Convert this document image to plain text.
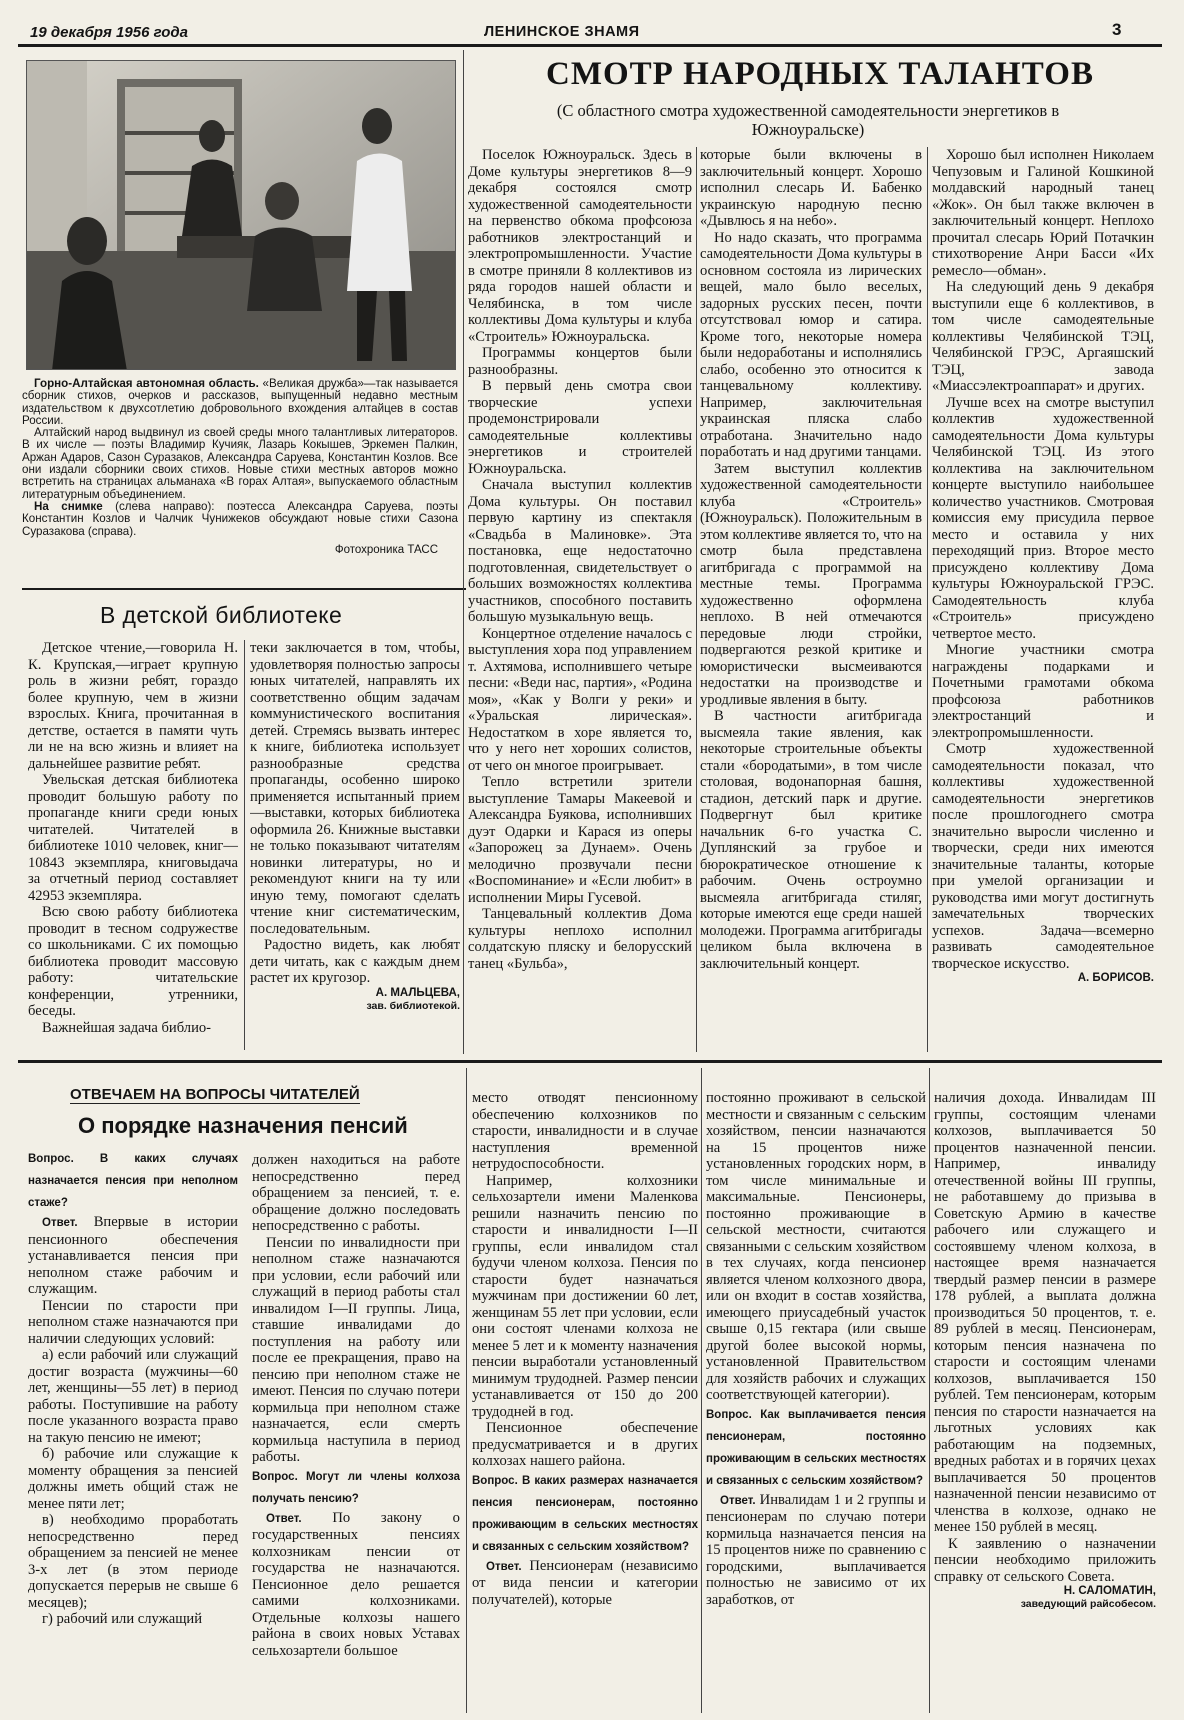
19 декабря 1956 года	ЛЕНИНСКОЕ ЗНАМЯ	3

Горно-Алтайская автономная область. «Великая дружба»—так называется сборник стихов, очерков и рассказов, выпущенный недавно местным издательством к двухсотлетию добровольного вхождения алтайцев в состав России.

Алтайский народ выдвинул из своей среды много талантливых литераторов. В их числе — поэты Владимир Кучияк, Лазарь Кокышев, Эркемен Палкин, Аржан Адаров, Сазон Суразаков, Александра Саруева, Константин Козлов. Все они издали сборники своих стихов. Новые стихи местных авторов можно встретить на страницах альманаха «В горах Алтая», выпускаемого областным литературным объединением.

На снимке (слева направо): поэтесса Александра Саруева, поэты Константин Козлов и Чалчик Чунижеков обсуждают новые стихи Сазона Суразакова (справа).

Фотохроника ТАСС
В детской библиотеке

Детское чтение,—говорила Н. К. Крупская,—играет крупную роль в жизни ребят, гораздо более крупную, чем в жизни взрослых. Книга, прочитанная в детстве, остается в памяти чуть ли не на всю жизнь и влияет на дальнейшее развитие ребят.

Увельская детская библиотека проводит большую работу по пропаганде книги среди юных читателей. Читателей в библиотеке 1010 человек, книг—10843 экземпляра, книговыдача за отчетный период составляет 42953 экземпляра.

Всю свою работу библиотека проводит в тесном содружестве со школьниками. С их помощью библиотека проводит массовую работу: читательские конференции, утренники, беседы.

Важнейшая задача библио-

теки заключается в том, чтобы, удовлетворяя полностью запросы юных читателей, направлять их соответственно общим задачам коммунистического воспитания детей. Стремясь вызвать интерес к книге, библиотека использует разнообразные средства пропаганды, особенно широко применяется испытанный прием—выставки, которых библиотека оформила 26. Книжные выставки не только показывают читателям новинки литературы, но и рекомендуют книги на ту или иную тему, помогают сделать чтение книг систематическим, последовательным.

Радостно видеть, как любят дети читать, как с каждым днем растет их кругозор.

А. МАЛЬЦЕВА,
зав. библиотекой.
СМОТР НАРОДНЫХ ТАЛАНТОВ
(С областного смотра художественной самодеятельности энергетиков в Южноуральске)

Поселок Южноуральск. Здесь в Доме культуры энергетиков 8—9 декабря состоялся смотр художественной самодеятельности на первенство обкома профсоюза работников электростанций и электропромышленности. Участие в смотре приняли 8 коллективов из ряда городов нашей области и Челябинска, в том числе коллективы Дома культуры и клуба «Строитель» Южноуральска.

Программы концертов были разнообразны.

В первый день смотра свои творческие успехи продемонстрировали самодеятельные коллективы энергетиков и строителей Южноуральска.

Сначала выступил коллектив Дома культуры. Он поставил первую картину из спектакля «Свадьба в Малиновке». Эта постановка, еще недостаточно подготовленная, свидетельствует о больших возможностях коллектива участников, способного поставить большую музыкальную вещь.

Концертное отделение началось с выступления хора под управлением т. Ахтямова, исполнившего четыре песни: «Веди нас, партия», «Родина моя», «Как у Волги у реки» и «Уральская лирическая». Недостатком в хоре является то, что у него нет хороших солистов, от чего он многое проигрывает.

Тепло встретили зрители выступление Тамары Макеевой и Александра Буякова, исполнивших дуэт Одарки и Карася из оперы «Запорожец за Дунаем». Очень мелодично прозвучали песни «Воспоминание» и «Если любит» в исполнении Миры Гусевой.

Танцевальный коллектив Дома культуры неплохо исполнил солдатскую пляску и белорусский танец «Бульба»,

которые были включены в заключительный концерт. Хорошо исполнил слесарь И. Бабенко украинскую народную песню «Дывлюсь я на небо».

Но надо сказать, что программа самодеятельности Дома культуры в основном состояла из лирических вещей, мало было веселых, задорных русских песен, почти отсутствовал юмор и сатира. Кроме того, некоторые номера были недоработаны и исполнялись слабо, особенно это относится к танцевальному коллективу. Например, заключительная украинская пляска слабо отработана. Значительно надо поработать и над другими танцами.

Затем выступил коллектив художественной самодеятельности клуба «Строитель» (Южноуральск). Положительным в этом коллективе является то, что на смотр была представлена агитбригада с программой на местные темы. Программа художественно оформлена неплохо. В ней отмечаются передовые люди стройки, подвергаются резкой критике и юмористически высмеиваются недостатки на производстве и уродливые явления в быту.

В частности агитбригада высмеяла такие явления, как некоторые строительные объекты стали «бородатыми», в том числе столовая, водонапорная башня, стадион, детский парк и другие. Подвергнут был критике начальник 6-го участка С. Дуплянский за грубое и бюрократическое отношение к рабочим. Очень остроумно высмеяла агитбригада стиляг, которые имеются еще среди нашей молодежи. Программа агитбригады целиком была включена в заключительный концерт.

Хорошо был исполнен Николаем Чепузовым и Галиной Кошкиной молдавский народный танец «Жок». Он был также включен в заключительный концерт. Неплохо прочитал слесарь Юрий Потачкин стихотворение Анри Басси «Их ремесло—обман».

На следующий день 9 декабря выступили еще 6 коллективов, в том числе самодеятельные коллективы Челябинской ТЭЦ, Челябинской ГРЭС, Аргаяшский ТЭЦ, завода «Миассэлектроаппарат» и других.

Лучше всех на смотре выступил коллектив художественной самодеятельности Дома культуры Челябинской ТЭЦ. Из этого коллектива на заключительном концерте выступило наибольшее количество участников. Смотровая комиссия ему присудила первое место и оставила у них переходящий приз. Второе место присуждено коллективу Дома культуры Южноуральской ГРЭС. Самодеятельность клуба «Строитель» присуждено четвертое место.

Многие участники смотра награждены подарками и Почетными грамотами обкома профсоюза работников электростанций и электропромышленности.

Смотр художественной самодеятельности показал, что коллективы художественной самодеятельности энергетиков после прошлогоднего смотра значительно выросли численно и творчески, среди них имеются значительные таланты, которые при умелой организации и руководства ими могут достигнуть замечательных творческих успехов. Задача—всемерно развивать самодеятельное творческое искусство.

А. БОРИСОВ.
ОТВЕЧАЕМ НА ВОПРОСЫ ЧИТАТЕЛЕЙ
О порядке назначения пенсий
Вопрос. В каких случаях назначается пенсия при неполном стаже?

Ответ. Впервые в истории пенсионного обеспечения устанавливается пенсия при неполном стаже рабочим и служащим.

Пенсии по старости при неполном стаже назначаются при наличии следующих условий:

а) если рабочий или служащий достиг возраста (мужчины—60 лет, женщины—55 лет) в период работы. Поступившие на работу после указанного возраста право на такую пенсию не имеют;

б) рабочие или служащие к моменту обращения за пенсией должны иметь общий стаж не менее пяти лет;

в) необходимо проработать непосредственно перед обращением за пенсией не менее 3-х лет (в этом периоде допускается перерыв не свыше 6 месяцев);

г) рабочий или служащий

должен находиться на работе непосредственно перед обращением за пенсией, т. е. обращение должно последовать непосредственно с работы.

Пенсии по инвалидности при неполном стаже назначаются при условии, если рабочий или служащий в период работы стал инвалидом I—II группы. Лица, ставшие инвалидами до поступления на работу или после ее прекращения, право на пенсию при неполном стаже не имеют. Пенсия по случаю потери кормильца при неполном стаже назначается, если смерть кормильца наступила в период работы.

Вопрос. Могут ли члены колхоза получать пенсию?

Ответ. По закону о государственных пенсиях колхозникам пенсии от государства не назначаются. Пенсионное дело решается самими колхозниками. Отдельные колхозы нашего района в своих новых Уставах сельхозартели большое

место отводят пенсионному обеспечению колхозников по старости, инвалидности и в случае наступления временной нетрудоспособности.

Например, колхозники сельхозартели имени Маленкова решили назначить пенсию по старости и инвалидности I—II группы, если инвалидом стал будучи членом колхоза. Пенсия по старости будет назначаться мужчинам при достижении 60 лет, женщинам 55 лет при условии, если они состоят членами колхоза не менее 5 лет и к моменту назначения пенсии выработали установленный минимум трудодней. Размер пенсии устанавливается от 150 до 200 трудодней в год.

Пенсионное обеспечение предусматривается и в других колхозах нашего района.

Вопрос. В каких размерах назначается пенсия пенсионерам, постоянно проживающим в сельских местностях и связанных с сельским хозяйством?

Ответ. Пенсионерам (независимо от вида пенсии и категории получателей), которые

постоянно проживают в сельской местности и связанным с сельским хозяйством, пенсии назначаются на 15 процентов ниже установленных городских норм, в том числе минимальные и максимальные. Пенсионеры, постоянно проживающие в сельской местности, считаются связанными с сельским хозяйством в тех случаях, когда пенсионер является членом колхозного двора, или он входит в состав хозяйства, имеющего приусадебный участок свыше 0,15 гектара (или свыше другой более высокой нормы, установленной Правительством для хозяйств рабочих и служащих соответствующей категории).

Вопрос. Как выплачивается пенсия пенсионерам, постоянно проживающим в сельских местностях и связанных с сельским хозяйством?

Ответ. Инвалидам 1 и 2 группы и пенсионерам по случаю потери кормильца назначается пенсия на 15 процентов ниже по сравнению с городскими, выплачивается полностью не зависимо от их заработков, от

наличия дохода. Инвалидам III группы, состоящим членами колхозов, выплачивается 50 процентов назначенной пенсии. Например, инвалиду отечественной войны III группы, не работавшему до призыва в Советскую Армию в качестве рабочего или служащего и состоявшему членом колхоза, в настоящее время назначается твердый размер пенсии в размере 178 рублей, а выплата должна производиться 50 процентов, т. е. 89 рублей в месяц. Пенсионерам, которым пенсия назначена по старости и состоящим членами колхозов, выплачивается 150 рублей. Тем пенсионерам, которым пенсия по старости назначается на льготных условиях как работающим на подземных, вредных работах и в горячих цехах выплачивается 50 процентов назначенной пенсии независимо от членства в колхозе, однако не менее 150 рублей в месяц.

К заявлению о назначении пенсии необходимо приложить справку от сельского Совета.

Н. САЛОМАТИН,
заведующий райсобесом.
